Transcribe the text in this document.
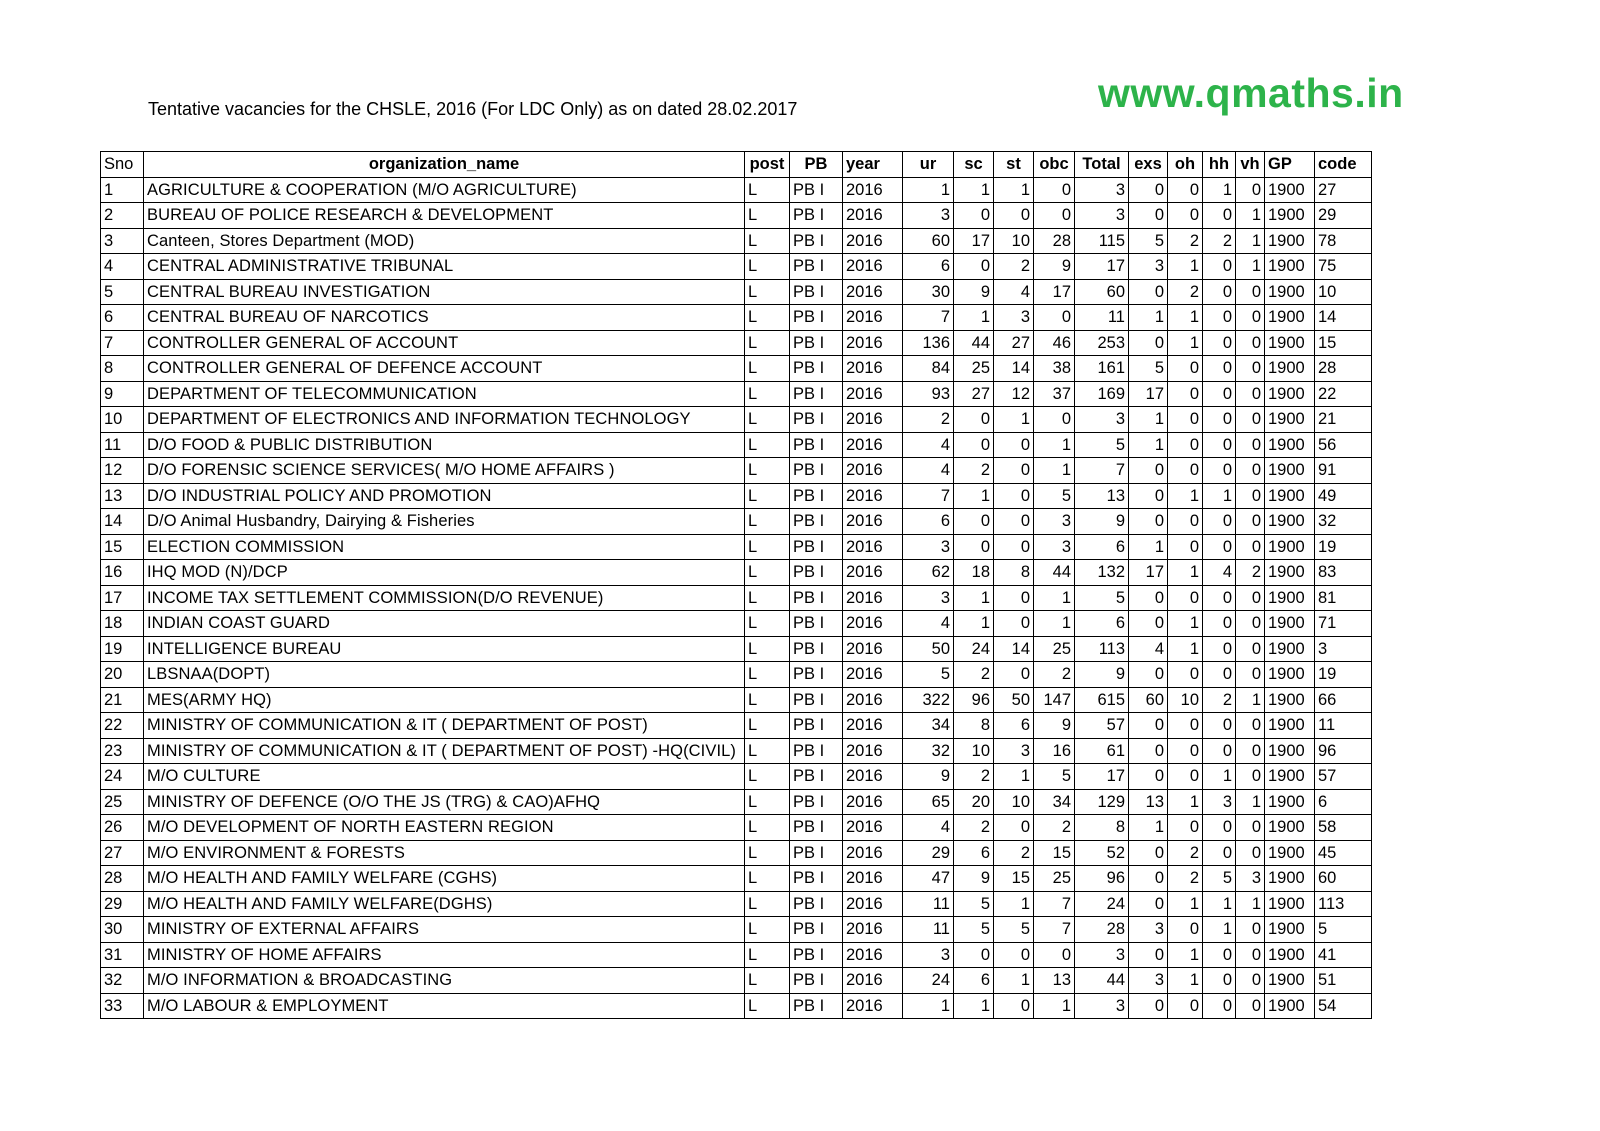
Tentative vacancies for the CHSLE, 2016 (For LDC Only) as on dated 28.02.2017	www.qmaths.in
Sno	organization_name	post	PB	year	ur	sc	st	obc	Total	exs	oh	hh	vh	GP	code
1	AGRICULTURE & COOPERATION (M/O AGRICULTURE)	L	PB I	2016	1	1	1	0	3	0	0	1	0	1900	27
2	BUREAU OF POLICE RESEARCH & DEVELOPMENT	L	PB I	2016	3	0	0	0	3	0	0	0	1	1900	29
3	Canteen, Stores Department (MOD)	L	PB I	2016	60	17	10	28	115	5	2	2	1	1900	78
4	CENTRAL ADMINISTRATIVE TRIBUNAL	L	PB I	2016	6	0	2	9	17	3	1	0	1	1900	75
5	CENTRAL BUREAU INVESTIGATION	L	PB I	2016	30	9	4	17	60	0	2	0	0	1900	10
6	CENTRAL BUREAU OF NARCOTICS	L	PB I	2016	7	1	3	0	11	1	1	0	0	1900	14
7	CONTROLLER GENERAL OF ACCOUNT	L	PB I	2016	136	44	27	46	253	0	1	0	0	1900	15
8	CONTROLLER GENERAL OF DEFENCE ACCOUNT	L	PB I	2016	84	25	14	38	161	5	0	0	0	1900	28
9	DEPARTMENT OF TELECOMMUNICATION	L	PB I	2016	93	27	12	37	169	17	0	0	0	1900	22
10	DEPARTMENT OF ELECTRONICS AND INFORMATION TECHNOLOGY	L	PB I	2016	2	0	1	0	3	1	0	0	0	1900	21
11	D/O FOOD & PUBLIC DISTRIBUTION	L	PB I	2016	4	0	0	1	5	1	0	0	0	1900	56
12	D/O FORENSIC SCIENCE SERVICES( M/O HOME AFFAIRS )	L	PB I	2016	4	2	0	1	7	0	0	0	0	1900	91
13	D/O INDUSTRIAL POLICY AND PROMOTION	L	PB I	2016	7	1	0	5	13	0	1	1	0	1900	49
14	D/O Animal Husbandry, Dairying & Fisheries	L	PB I	2016	6	0	0	3	9	0	0	0	0	1900	32
15	ELECTION COMMISSION	L	PB I	2016	3	0	0	3	6	1	0	0	0	1900	19
16	IHQ MOD (N)/DCP	L	PB I	2016	62	18	8	44	132	17	1	4	2	1900	83
17	INCOME TAX SETTLEMENT COMMISSION(D/O REVENUE)	L	PB I	2016	3	1	0	1	5	0	0	0	0	1900	81
18	INDIAN COAST GUARD	L	PB I	2016	4	1	0	1	6	0	1	0	0	1900	71
19	INTELLIGENCE BUREAU	L	PB I	2016	50	24	14	25	113	4	1	0	0	1900	3
20	LBSNAA(DOPT)	L	PB I	2016	5	2	0	2	9	0	0	0	0	1900	19
21	MES(ARMY HQ)	L	PB I	2016	322	96	50	147	615	60	10	2	1	1900	66
22	MINISTRY OF COMMUNICATION & IT ( DEPARTMENT OF POST)	L	PB I	2016	34	8	6	9	57	0	0	0	0	1900	11
23	MINISTRY OF COMMUNICATION & IT ( DEPARTMENT OF POST) -HQ(CIVIL)	L	PB I	2016	32	10	3	16	61	0	0	0	0	1900	96
24	M/O CULTURE	L	PB I	2016	9	2	1	5	17	0	0	1	0	1900	57
25	MINISTRY OF DEFENCE (O/O THE JS (TRG) & CAO)AFHQ	L	PB I	2016	65	20	10	34	129	13	1	3	1	1900	6
26	M/O DEVELOPMENT OF NORTH EASTERN REGION	L	PB I	2016	4	2	0	2	8	1	0	0	0	1900	58
27	M/O ENVIRONMENT & FORESTS	L	PB I	2016	29	6	2	15	52	0	2	0	0	1900	45
28	M/O HEALTH AND FAMILY WELFARE (CGHS)	L	PB I	2016	47	9	15	25	96	0	2	5	3	1900	60
29	M/O HEALTH AND FAMILY WELFARE(DGHS)	L	PB I	2016	11	5	1	7	24	0	1	1	1	1900	113
30	MINISTRY OF EXTERNAL AFFAIRS	L	PB I	2016	11	5	5	7	28	3	0	1	0	1900	5
31	MINISTRY OF HOME AFFAIRS	L	PB I	2016	3	0	0	0	3	0	1	0	0	1900	41
32	M/O INFORMATION & BROADCASTING	L	PB I	2016	24	6	1	13	44	3	1	0	0	1900	51
33	M/O LABOUR & EMPLOYMENT	L	PB I	2016	1	1	0	1	3	0	0	0	0	1900	54
